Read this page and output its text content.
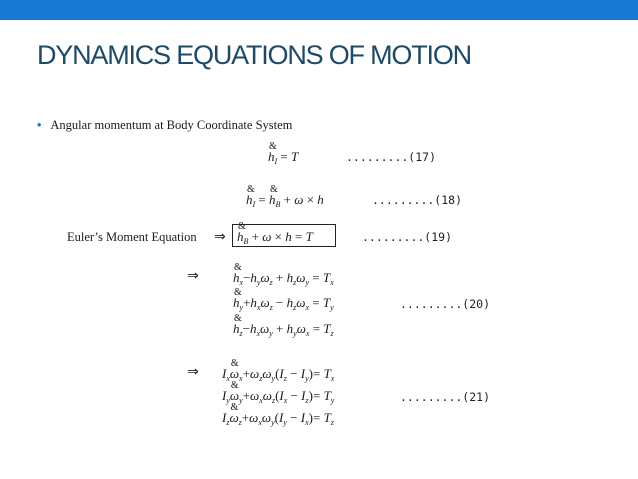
DYNAMICS EQUATIONS OF MOTION
• Angular momentum at Body Coordinate System
& $h_I = T$	.........(17)
& $h_I$ = & $h_B + \omega \times h$	.........(18)
Euler’s Moment Equation ⇒ & $h_B + \omega \times h = T$	.........(19)
⇒	& $h_x-h_y\omega_z + h_z\omega_y = T_x$
& $h_y+h_x\omega_z - h_z\omega_x = T_y$
& $h_z-h_x\omega_y + h_y\omega_x = T_z$
.........(20)
⇒ $I_x\&$ $\omega_x+\omega_z\omega_y(I_z - I_y)= T_x$
$I_y\&$ $\omega_y+\omega_x\omega_z(I_x - I_z)= T_y$
$I_z\&$ $\omega_z+\omega_x\omega_y(I_y - I_x)= T_z$
.........(21)
